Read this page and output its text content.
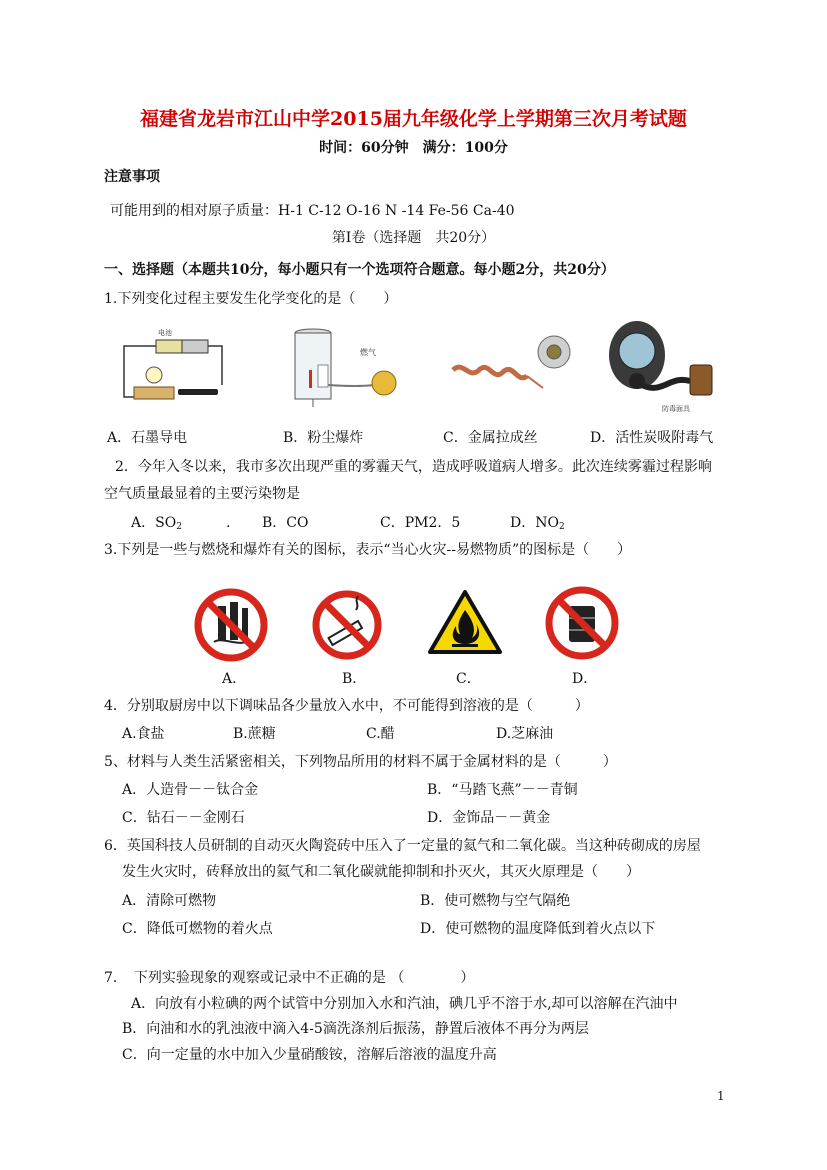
福建省龙岩市江山中学2015届九年级化学上学期第三次月考试题
时间：60分钟　满分：100分
注意事项
可能用到的相对原子质量：H-1 C-12 O-16 N -14 Fe-56 Ca-40
第Ⅰ卷（选择题　共20分）
一、选择题（本题共10分，每小题只有一个选项符合题意。每小题2分，共20分）
1.下列变化过程主要发生化学变化的是（　　）
电池
燃气
防毒面具
A．石墨导电	B．粉尘爆炸	C．金属拉成丝	D．活性炭吸附毒气
2．今年入冬以来，我市多次出现严重的雾霾天气，造成呼吸道病人增多。此次连续雾霾过程影响
空气质量最显着的主要污染物是
A．$SO_2$	. B．CO	C．PM2．5	D．$NO_2$
3.下列是一些与燃烧和爆炸有关的图标，表示“当心火灾--易燃物质”的图标是（　　）
A．	B．	C．	D．
4．分别取厨房中以下调味品各少量放入水中，不可能得到溶液的是（　　　）
A.食盐	B.蔗糖	C.醋	D.芝麻油
5、材料与人类生活紧密相关，下列物品所用的材料不属于金属材料的是（　　　）
A．人造骨－－钛合金	B．“马踏飞燕”－－青铜
C．钻石－－金刚石	D．金饰品－－黄金
6．英国科技人员研制的自动灭火陶瓷砖中压入了一定量的氦气和二氧化碳。当这种砖砌成的房屋
发生火灾时，砖释放出的氦气和二氧化碳就能抑制和扑灭火，其灭火原理是（　　）
A．清除可燃物	B．使可燃物与空气隔绝
C．降低可燃物的着火点	D．使可燃物的温度降低到着火点以下
7．　下列实验现象的观察或记录中不正确的是 （　　　　）
A．向放有小粒碘的两个试管中分别加入水和汽油，碘几乎不溶于水,却可以溶解在汽油中
B．向油和水的乳浊液中滴入4-5滴洗涤剂后振荡，静置后液体不再分为两层
C．向一定量的水中加入少量硝酸铵，溶解后溶液的温度升高
1
